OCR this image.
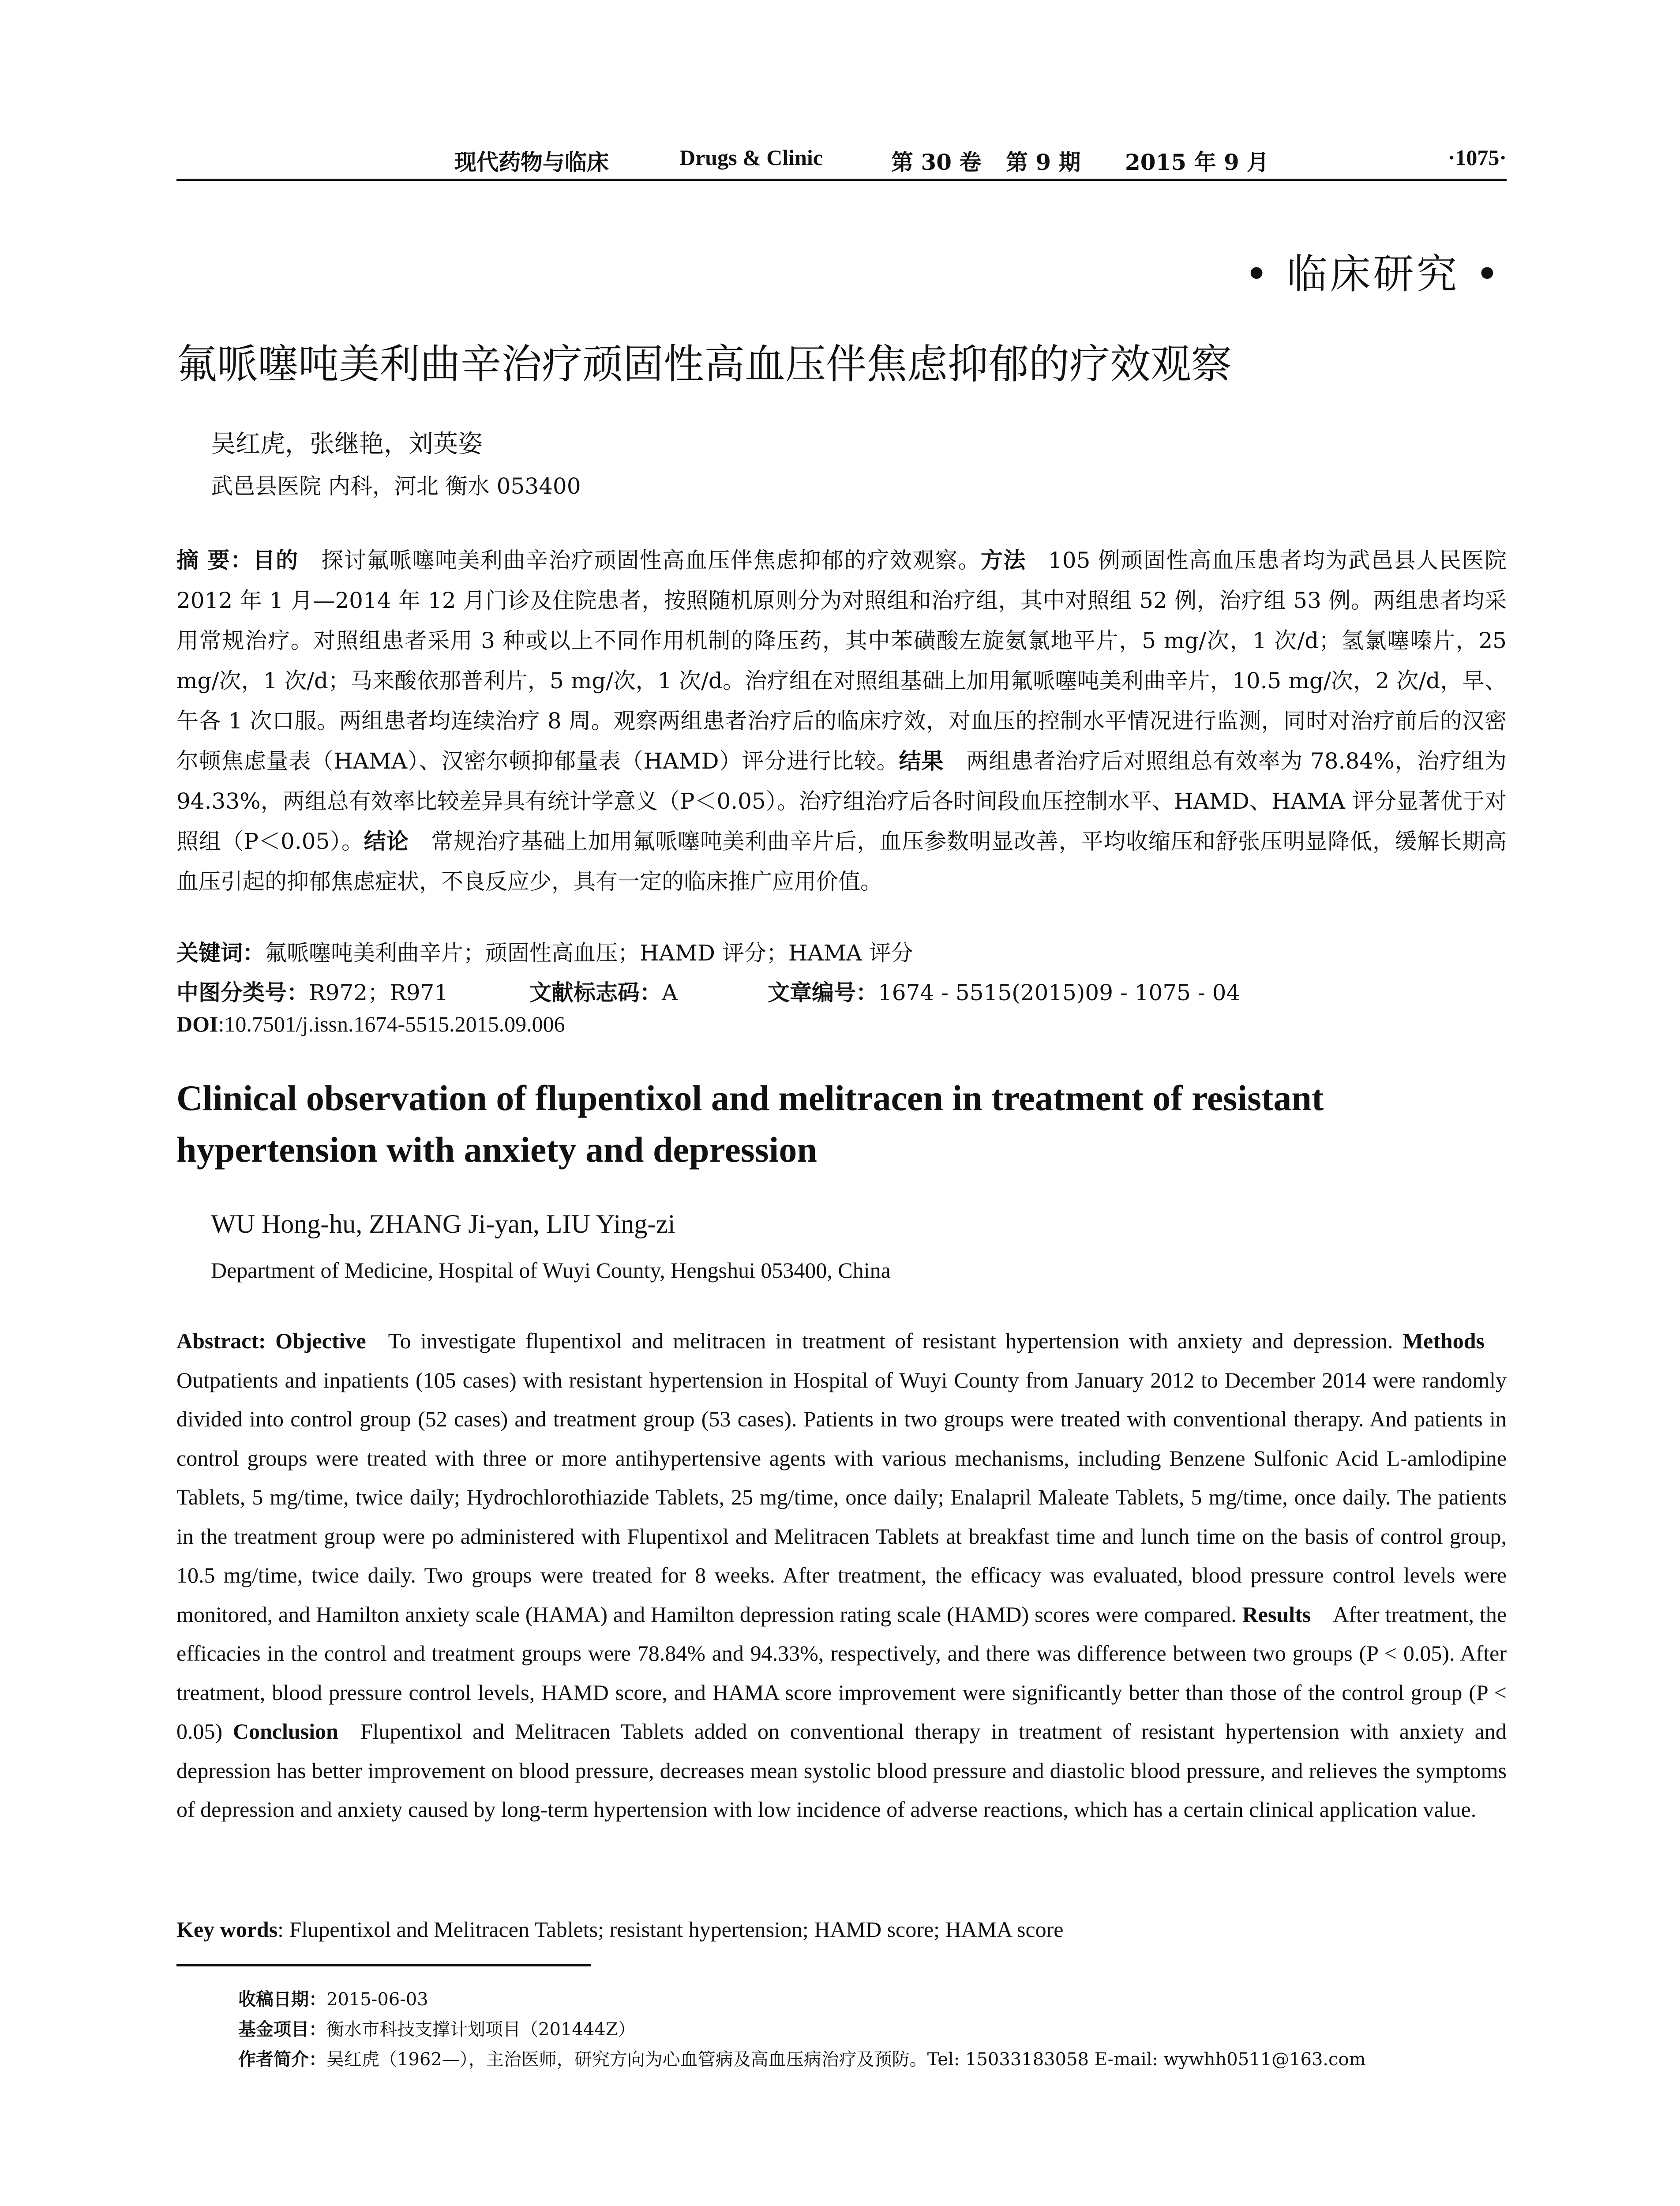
现代药物与临床	Drugs & Clinic	第 30 卷 第 9 期 2015 年 9 月	·1075·
• 临床研究 •
氟哌噻吨美利曲辛治疗顽固性高血压伴焦虑抑郁的疗效观察
吴红虎，张继艳，刘英姿
武邑县医院 内科，河北 衡水 053400
摘 要：目的   探讨氟哌噻吨美利曲辛治疗顽固性高血压伴焦虑抑郁的疗效观察。方法   105 例顽固性高血压患者均为武邑县人民医院 2012 年 1 月—2014 年 12 月门诊及住院患者，按照随机原则分为对照组和治疗组，其中对照组 52 例，治疗组 53 例。两组患者均采用常规治疗。对照组患者采用 3 种或以上不同作用机制的降压药，其中苯磺酸左旋氨氯地平片，5 mg/次，1 次/d；氢氯噻嗪片，25 mg/次，1 次/d；马来酸依那普利片，5 mg/次，1 次/d。治疗组在对照组基础上加用氟哌噻吨美利曲辛片，10.5 mg/次，2 次/d，早、午各 1 次口服。两组患者均连续治疗 8 周。观察两组患者治疗后的临床疗效，对血压的控制水平情况进行监测，同时对治疗前后的汉密尔顿焦虑量表（HAMA）、汉密尔顿抑郁量表（HAMD）评分进行比较。结果   两组患者治疗后对照组总有效率为 78.84%，治疗组为 94.33%，两组总有效率比较差异具有统计学意义（P＜0.05）。治疗组治疗后各时间段血压控制水平、HAMD、HAMA 评分显著优于对照组（P＜0.05）。结论   常规治疗基础上加用氟哌噻吨美利曲辛片后，血压参数明显改善，平均收缩压和舒张压明显降低，缓解长期高血压引起的抑郁焦虑症状，不良反应少，具有一定的临床推广应用价值。
关键词：氟哌噻吨美利曲辛片；顽固性高血压；HAMD 评分；HAMA 评分
中图分类号：R972；R971	文献标志码：A	文章编号：1674 - 5515(2015)09 - 1075 - 04
DOI:10.7501/j.issn.1674-5515.2015.09.006
Clinical observation of flupentixol and melitracen in treatment of resistant hypertension with anxiety and depression
WU Hong-hu, ZHANG Ji-yan, LIU Ying-zi
Department of Medicine, Hospital of Wuyi County, Hengshui 053400, China
Abstract: Objective   To investigate flupentixol and melitracen in treatment of resistant hypertension with anxiety and depression. Methods  Outpatients and inpatients (105 cases) with resistant hypertension in Hospital of Wuyi County from January 2012 to December 2014 were randomly divided into control group (52 cases) and treatment group (53 cases). Patients in two groups were treated with conventional therapy. And patients in control groups were treated with three or more antihypertensive agents with various mechanisms, including Benzene Sulfonic Acid L-amlodipine Tablets, 5 mg/time, twice daily; Hydrochlorothiazide Tablets, 25 mg/time, once daily; Enalapril Maleate Tablets, 5 mg/time, once daily. The patients in the treatment group were po administered with Flupentixol and Melitracen Tablets at breakfast time and lunch time on the basis of control group, 10.5 mg/time, twice daily. Two groups were treated for 8 weeks. After treatment, the efficacy was evaluated, blood pressure control levels were monitored, and Hamilton anxiety scale (HAMA) and Hamilton depression rating scale (HAMD) scores were compared. Results   After treatment, the efficacies in the control and treatment groups were 78.84% and 94.33%, respectively, and there was difference between two groups (P < 0.05). After treatment, blood pressure control levels, HAMD score, and HAMA score improvement were significantly better than those of the control group (P < 0.05) Conclusion   Flupentixol and Melitracen Tablets added on conventional therapy in treatment of resistant hypertension with anxiety and depression has better improvement on blood pressure, decreases mean systolic blood pressure and diastolic blood pressure, and relieves the symptoms of depression and anxiety caused by long-term hypertension with low incidence of adverse reactions, which has a certain clinical application value.
Key words: Flupentixol and Melitracen Tablets; resistant hypertension; HAMD score; HAMA score
收稿日期：2015-06-03
基金项目：衡水市科技支撑计划项目（201444Z）
作者简介：吴红虎（1962—），主治医师，研究方向为心血管病及高血压病治疗及预防。Tel: 15033183058 E-mail: wywhh0511@163.com
